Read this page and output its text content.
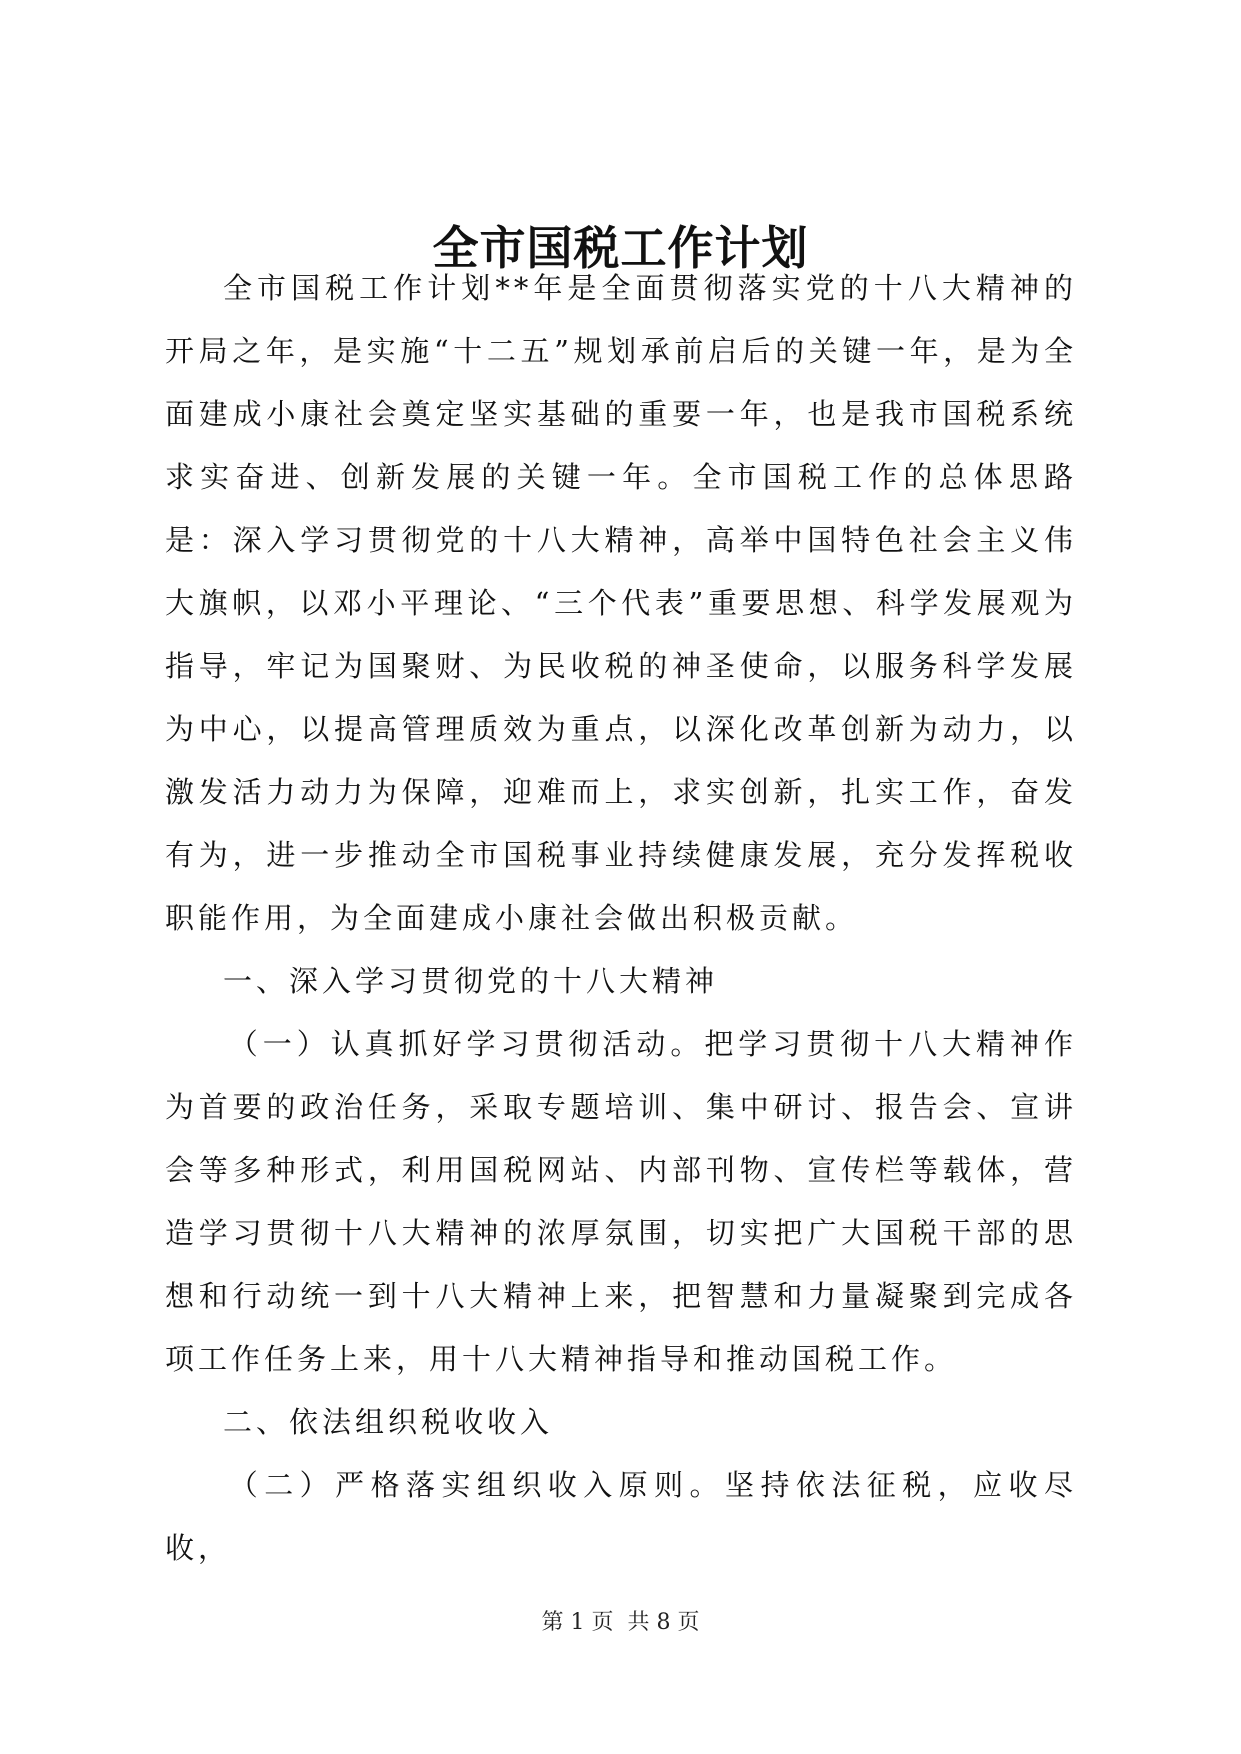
全市国税工作计划

全市国税工作计划**年是全面贯彻落实党的十八大精神的开局之年，是实施“十二五”规划承前启后的关键一年，是为全面建成小康社会奠定坚实基础的重要一年，也是我市国税系统求实奋进、创新发展的关键一年。全市国税工作的总体思路是：深入学习贯彻党的十八大精神，高举中国特色社会主义伟大旗帜，以邓小平理论、“三个代表”重要思想、科学发展观为指导，牢记为国聚财、为民收税的神圣使命，以服务科学发展为中心，以提高管理质效为重点，以深化改革创新为动力，以激发活力动力为保障，迎难而上，求实创新，扎实工作，奋发有为，进一步推动全市国税事业持续健康发展，充分发挥税收职能作用，为全面建成小康社会做出积极贡献。

一、深入学习贯彻党的十八大精神

（一）认真抓好学习贯彻活动。把学习贯彻十八大精神作为首要的政治任务，采取专题培训、集中研讨、报告会、宣讲会等多种形式，利用国税网站、内部刊物、宣传栏等载体，营造学习贯彻十八大精神的浓厚氛围，切实把广大国税干部的思想和行动统一到十八大精神上来，把智慧和力量凝聚到完成各项工作任务上来，用十八大精神指导和推动国税工作。

二、依法组织税收收入

（二）严格落实组织收入原则。坚持依法征税，应收尽收，

第 1 页  共 8 页
